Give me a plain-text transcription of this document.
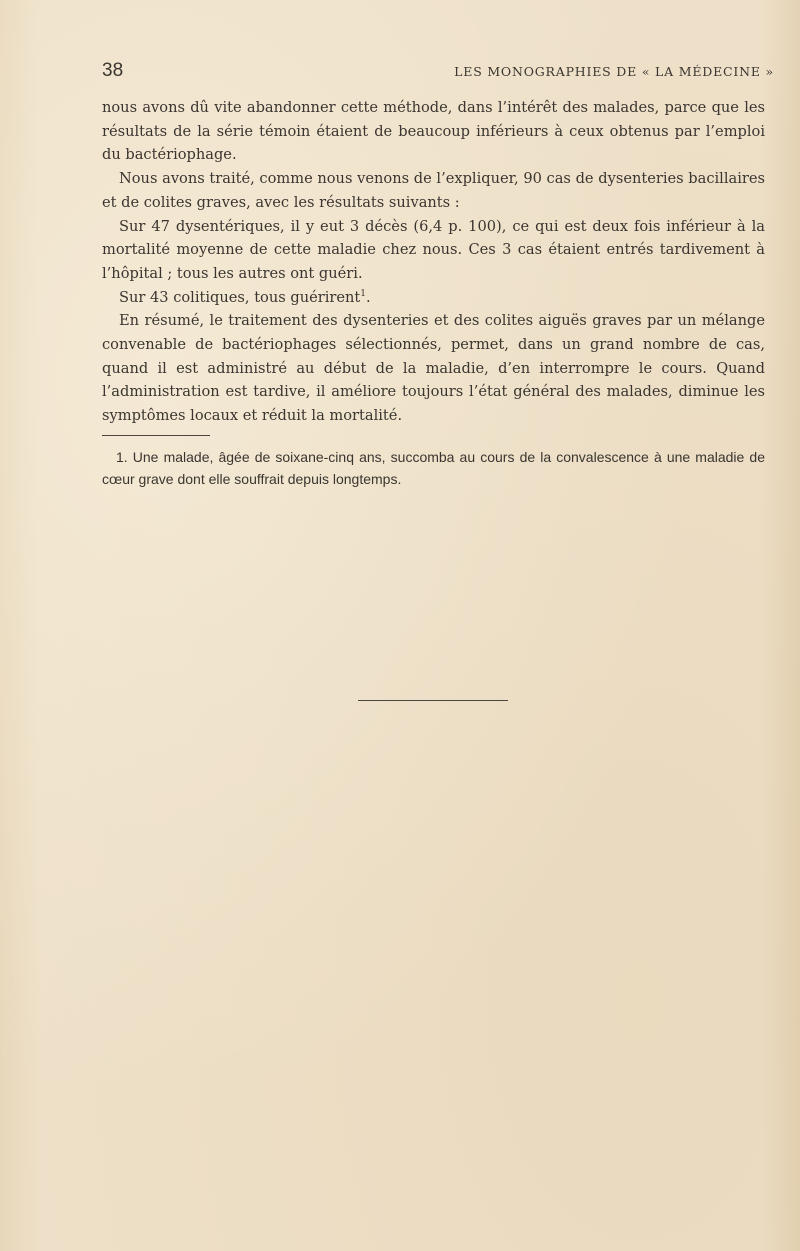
38	LES MONOGRAPHIES DE « LA MÉDECINE »

nous avons dû vite abandonner cette méthode, dans l’intérêt des malades, parce que les résultats de la série témoin étaient de beaucoup inférieurs à ceux obtenus par l’emploi du bactériophage.

Nous avons traité, comme nous venons de l’expliquer, 90 cas de dysenteries bacillaires et de colites graves, avec les résultats suivants :

Sur 47 dysentériques, il y eut 3 décès (6,4 p. 100), ce qui est deux fois inférieur à la mortalité moyenne de cette maladie chez nous. Ces 3 cas étaient entrés tardivement à l’hôpital ; tous les autres ont guéri.

Sur 43 colitiques, tous guérirent$^1$.

En résumé, le traitement des dysenteries et des colites aiguës graves par un mélange convenable de bactériophages sélectionnés, permet, dans un grand nombre de cas, quand il est administré au début de la maladie, d’en interrompre le cours. Quand l’administration est tardive, il améliore toujours l’état général des malades, diminue les symptômes locaux et réduit la mortalité.

1. Une malade, âgée de soixane-cinq ans, succomba au cours de la convalescence à une maladie de cœur grave dont elle souffrait depuis longtemps.
